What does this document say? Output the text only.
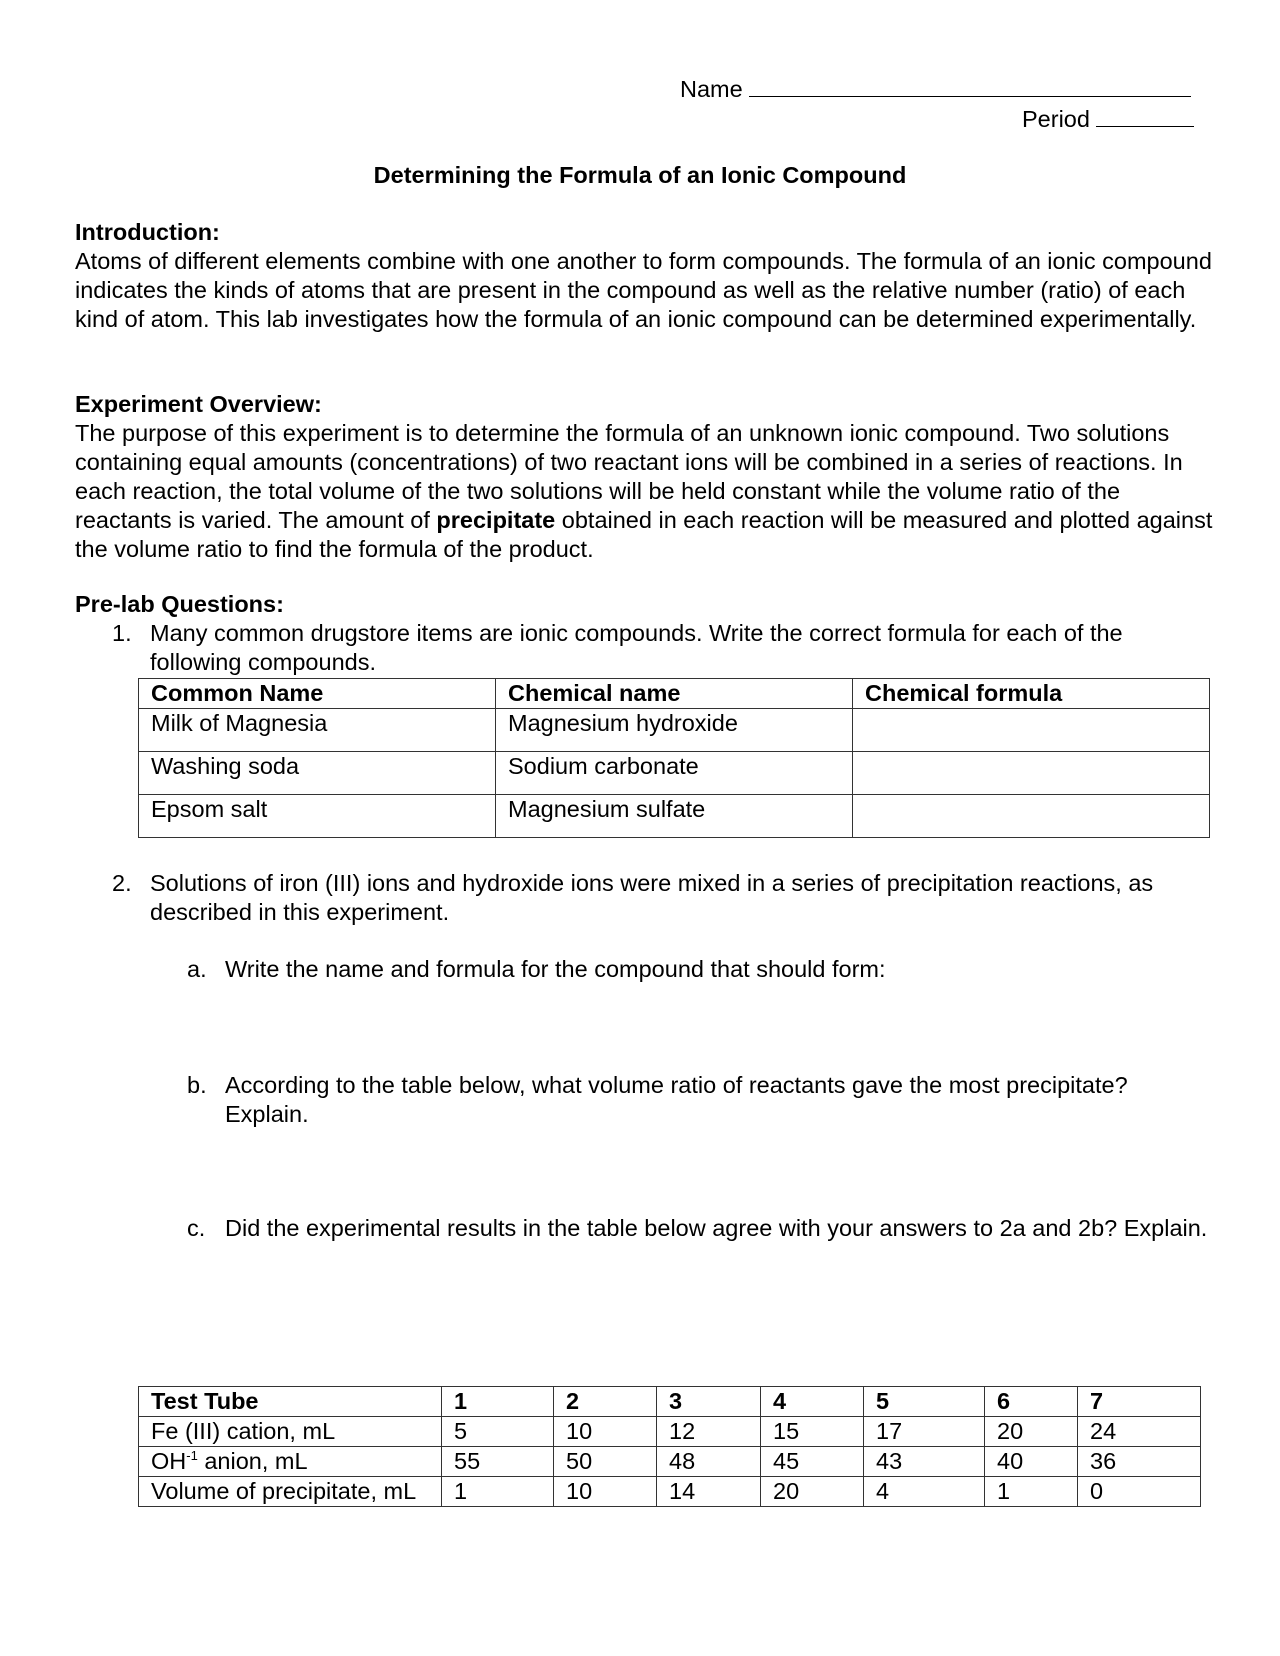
Name
Period
Determining the Formula of an Ionic Compound
Introduction:

Atoms of different elements combine with one another to form compounds. The formula of an ionic compound indicates the kinds of atoms that are present in the compound as well as the relative number (ratio) of each kind of atom. This lab investigates how the formula of an ionic compound can be determined experimentally.

Experiment Overview:

The purpose of this experiment is to determine the formula of an unknown ionic compound. Two solutions containing equal amounts (concentrations) of two reactant ions will be combined in a series of reactions. In each reaction, the total volume of the two solutions will be held constant while the volume ratio of the reactants is varied. The amount of precipitate obtained in each reaction will be measured and plotted against the volume ratio to find the formula of the product.

Pre-lab Questions:
1. Many common drugstore items are ionic compounds. Write the correct formula for each of the following compounds.
Common Name	Chemical name	Chemical formula
Milk of Magnesia	Magnesium hydroxide	
Washing soda	Sodium carbonate	
Epsom salt	Magnesium sulfate	
2. Solutions of iron (III) ions and hydroxide ions were mixed in a series of precipitation reactions, as described in this experiment.
a. Write the name and formula for the compound that should form:
b. According to the table below, what volume ratio of reactants gave the most precipitate? Explain.
c. Did the experimental results in the table below agree with your answers to 2a and 2b? Explain.
Test Tube	1	2	3	4	5	6	7
Fe (III) cation, mL	5	10	12	15	17	20	24
$OH^{-1}$ anion, mL	55	50	48	45	43	40	36
Volume of precipitate, mL	1	10	14	20	4	1	0
